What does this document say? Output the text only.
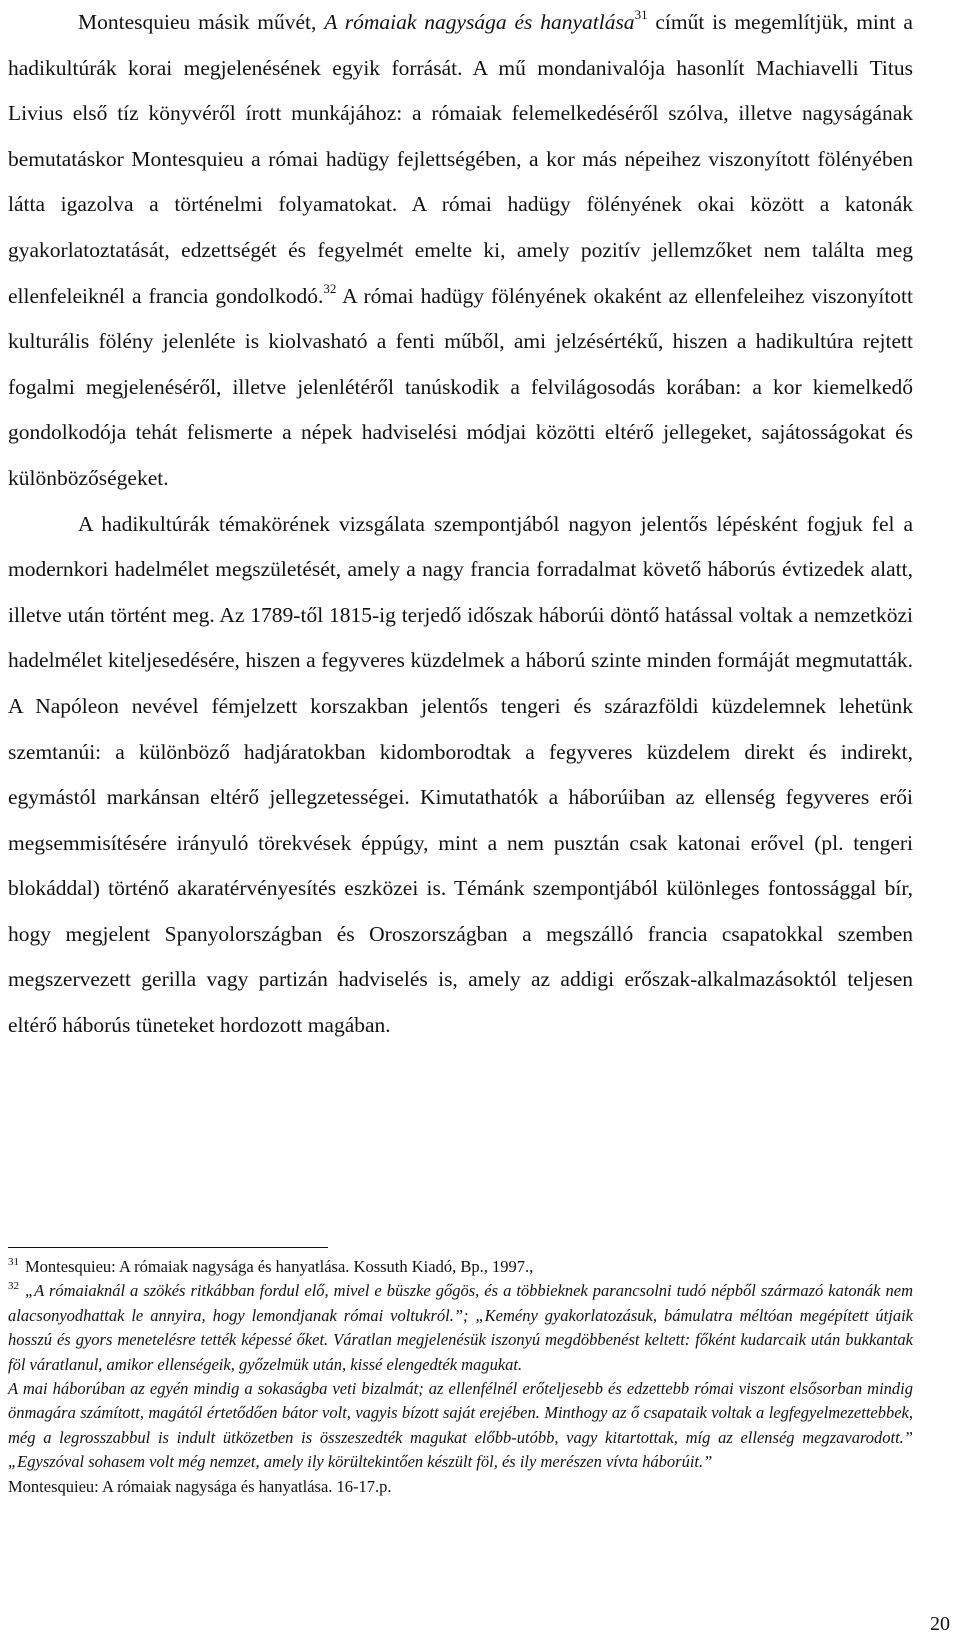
Montesquieu másik művét, A rómaiak nagysága és hanyatlása$^{31}$ címűt is megemlítjük, mint a hadikultúrák korai megjelenésének egyik forrását. A mű mondanivalója hasonlít Machiavelli Titus Livius első tíz könyvéről írott munkájához: a rómaiak felemelkedéséről szólva, illetve nagyságának bemutatáskor Montesquieu a római hadügy fejlettségében, a kor más népeihez viszonyított fölényében látta igazolva a történelmi folyamatokat. A római hadügy fölényének okai között a katonák gyakorlatoztatását, edzettségét és fegyelmét emelte ki, amely pozitív jellemzőket nem találta meg ellenfeleiknél a francia gondolkodó.$^{32}$ A római hadügy fölényének okaként az ellenfeleihez viszonyított kulturális fölény jelenléte is kiolvasható a fenti műből, ami jelzésértékű, hiszen a hadikultúra rejtett fogalmi megjelenéséről, illetve jelenlétéről tanúskodik a felvilágosodás korában: a kor kiemelkedő gondolkodója tehát felismerte a népek hadviselési módjai közötti eltérő jellegeket, sajátosságokat és különbözőségeket.

A hadikultúrák témakörének vizsgálata szempontjából nagyon jelentős lépésként fogjuk fel a modernkori hadelmélet megszületését, amely a nagy francia forradalmat követő háborús évtizedek alatt, illetve után történt meg. Az 1789-től 1815-ig terjedő időszak háborúi döntő hatással voltak a nemzetközi hadelmélet kiteljesedésére, hiszen a fegyveres küzdelmek a háború szinte minden formáját megmutatták. A Napóleon nevével fémjelzett korszakban jelentős tengeri és szárazföldi küzdelemnek lehetünk szemtanúi: a különböző hadjáratokban kidomborodtak a fegyveres küzdelem direkt és indirekt, egymástól markánsan eltérő jellegzetességei. Kimutathatók a háborúiban az ellenség fegyveres erői megsemmisítésére irányuló törekvések éppúgy, mint a nem pusztán csak katonai erővel (pl. tengeri blokáddal) történő akaratérvényesítés eszközei is. Témánk szempontjából különleges fontossággal bír, hogy megjelent Spanyolországban és Oroszországban a megszálló francia csapatokkal szemben megszervezett gerilla vagy partizán hadviselés is, amely az addigi erőszak-alkalmazásoktól teljesen eltérő háborús tüneteket hordozott magában.

$^{31}$ Montesquieu: A rómaiak nagysága és hanyatlása. Kossuth Kiadó, Bp., 1997.,

$^{32}$ „A rómaiaknál a szökés ritkábban fordul elő, mivel e büszke gőgös, és a többieknek parancsolni tudó népből származó katonák nem alacsonyodhattak le annyira, hogy lemondjanak római voltukról.”; „Kemény gyakorlatozásuk, bámulatra méltóan megépített útjaik hosszú és gyors menetelésre tették képessé őket. Váratlan megjelenésük iszonyú megdöbbenést keltett: főként kudarcaik után bukkantak föl váratlanul, amikor ellenségeik, győzelmük után, kissé elengedték magukat.

A mai háborúban az egyén mindig a sokaságba veti bizalmát; az ellenfélnél erőteljesebb és edzettebb római viszont elsősorban mindig önmagára számított, magától értetődően bátor volt, vagyis bízott saját erejében. Minthogy az ő csapataik voltak a legfegyelmezettebbek, még a legrosszabbul is indult ütközetben is összeszedték magukat előbb-utóbb, vagy kitartottak, míg az ellenség megzavarodott.” „Egyszóval sohasem volt még nemzet, amely ily körültekintően készült föl, és ily merészen vívta háborúit.”

Montesquieu: A rómaiak nagysága és hanyatlása. 16-17.p.

20
